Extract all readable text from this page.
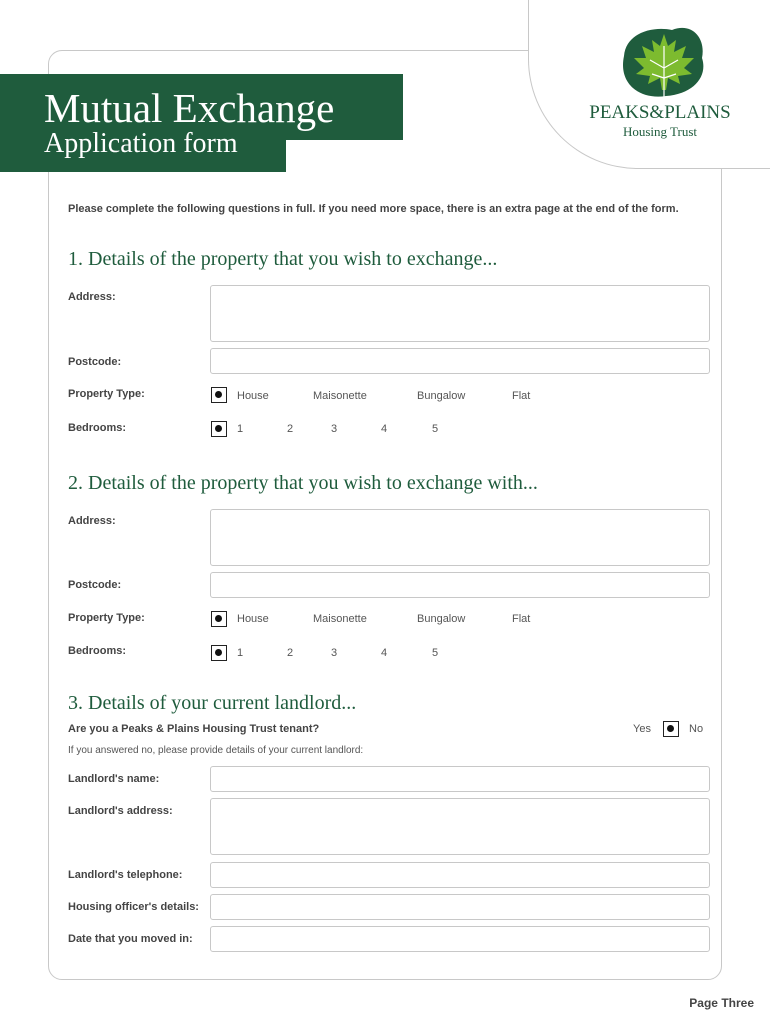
Mutual Exchange
Application form
PEAKS&PLAINS
Housing Trust
Please complete the following questions in full. If you need more space, there is an extra page at the end of the form.
1. Details of the property that you wish to exchange...
Address:
Postcode:
Property Type:	House	Maisonette	Bungalow	Flat
Bedrooms:	1	2	3	4	5
2. Details of the property that you wish to exchange with...
Address:
Postcode:
Property Type:	House	Maisonette	Bungalow	Flat
Bedrooms:	1	2	3	4	5
3. Details of your current landlord...
Are you a Peaks & Plains Housing Trust tenant?	Yes	No
If you answered no, please provide details of your current landlord:
Landlord's name:
Landlord's address:
Landlord's telephone:
Housing officer's details:
Date that you moved in:
Page Three
